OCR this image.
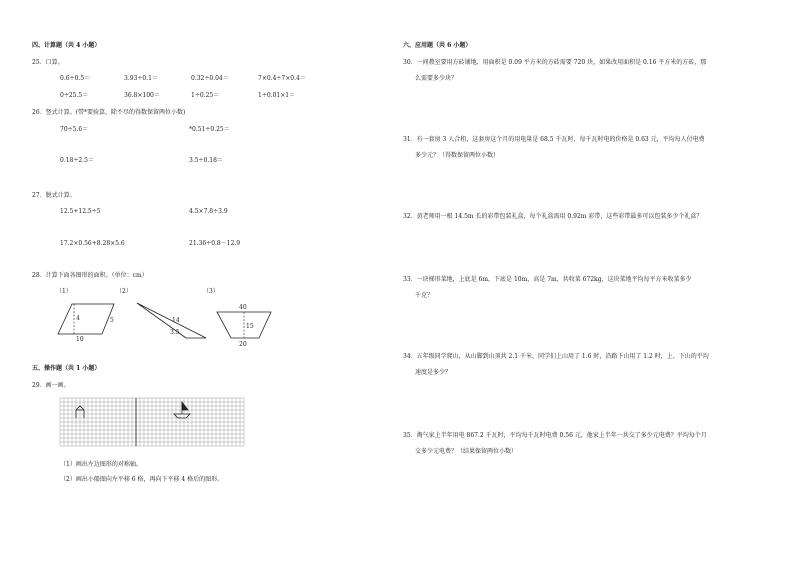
四、计算题（共 4 小题）
25．口算。
0.6÷0.5＝	3.93÷0.1＝	0.32÷0.04＝	7×0.4÷7×0.4＝
0÷25.5＝	36.8×100＝	1÷0.25＝	1÷0.01×1＝
26．竖式计算。(带*要验算，除不尽的得数保留两位小数)
70÷5.6＝	*0.51÷0.25＝
0.18÷2.5＝	3.5÷0.18＝
27．脱式计算。
12.5+12.5÷5	4.5×7.8÷3.9
17.2×0.56+8.28×5.6	21.36÷0.8－12.9
28．计算下面各图形的面积。（单位：cm）
（1）	（2）	（3）
4	5
10
14
3.5
40
15
20
五、操作题（共 1 小题）
29．画一画。
（1）画出左边图形的对称轴。
（2）画出小船图向左平移 6 格，再向下平移 4 格后的图形。
六、应用题（共 6 小题）
30．一间教室要用方砖铺地，用面积是 0.09 平方米的方砖需要 720 块，如果改用面积是 0.16 平方米的方砖，那
么需要多少块？
31．有一套房 3 人合租，这套房这个月的用电量是 68.5 千瓦时，每千瓦时电的价格是 0.63 元，平均每人付电费
多少元？（得数保留两位小数）
32．黄老师用一根 14.5m 长的彩带包装礼盒，每个礼盒需用 0.92m 彩带，这些彩带最多可以包装多少个礼盒？
33．一块梯形菜地，上底是 6m，下底是 10m，高是 7m，共收菜 672kg，这块菜地平均每平方米收菜多少
千克？
34．五年级同学爬山，从山脚到山顶共 2.1 千米，同学们上山用了 1.6 时，沿路下山用了 1.2 时，上、下山的平均
速度是多少？
35．淘气家上半年用电 867.2 千瓦时，平均每千瓦时电费 0.56 元，他家上半年一共交了多少元电费？平均每个月
交多少元电费？（结果保留两位小数）
